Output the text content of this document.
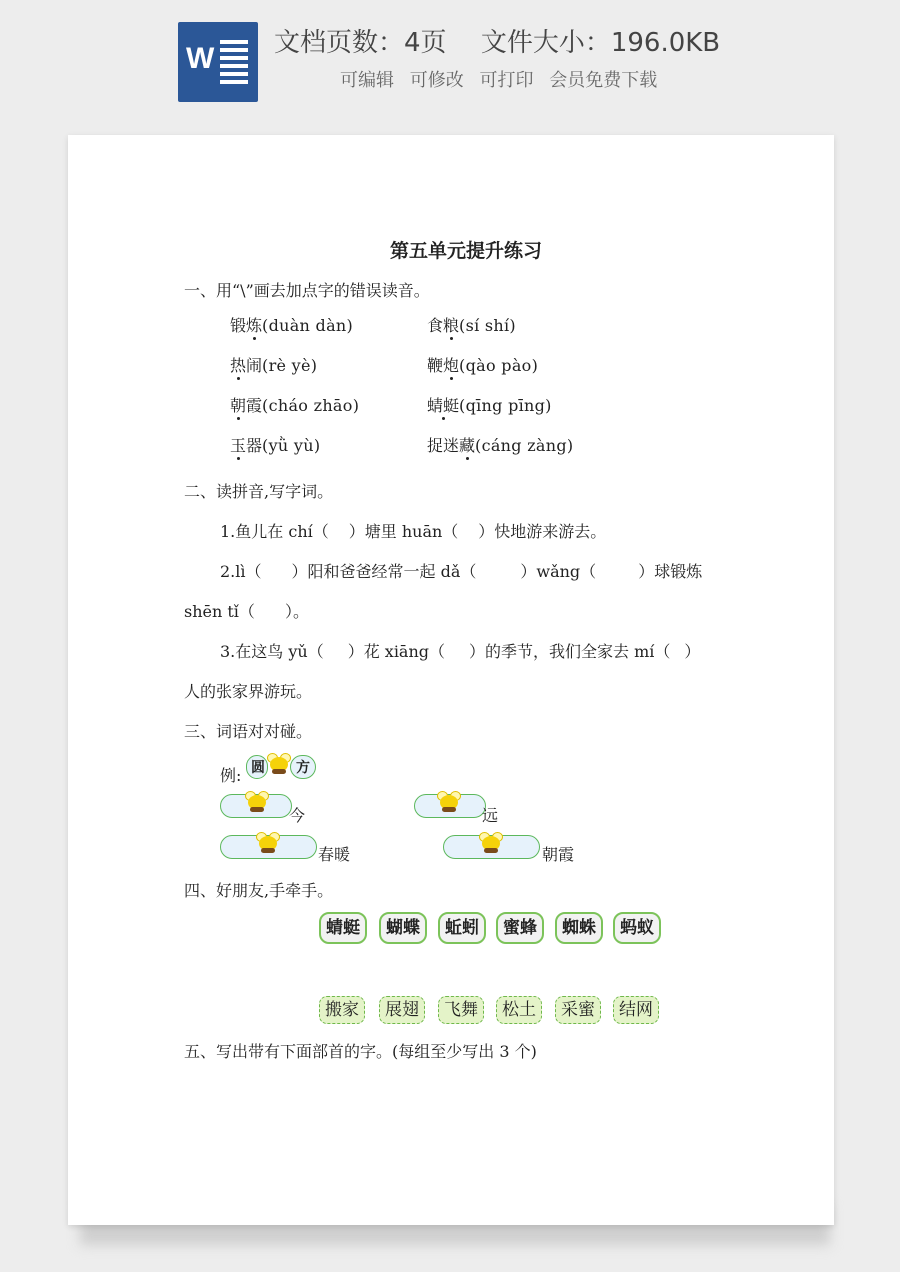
W 文档页数：4页 文件大小：196.0KB
可编辑 可修改 可打印 会员免费下载
第五单元提升练习
一、用“\”画去加点字的错误读音。
锻炼(duàn dàn)	食粮(sí shí)
热闹(rè yè)	鞭炮(qào pào)
朝霞(cháo zhāo)	蜻蜓(qīng pīng)
玉器(yǜ yù)	捉迷藏(cáng zàng)
二、读拼音,写字词。
1.鱼儿在 chí（ ）塘里 huān（ ）快地游来游去。
2.lì（ ）阳和爸爸经常一起 dǎ（	）wǎng（	）球锻炼
shēn tǐ（ ）。
3.在这鸟 yǔ（ ）花 xiāng（ ）的季节，我们全家去 mí（ ）
人的张家界游玩。
三、词语对对碰。
例: 圆 方
今	远
春暖	朝霞
四、好朋友,手牵手。
蜻蜓	蝴蝶	蚯蚓	蜜蜂	蜘蛛	蚂蚁
搬家	展翅	飞舞	松土	采蜜	结网
五、写出带有下面部首的字。(每组至少写出 3 个)
